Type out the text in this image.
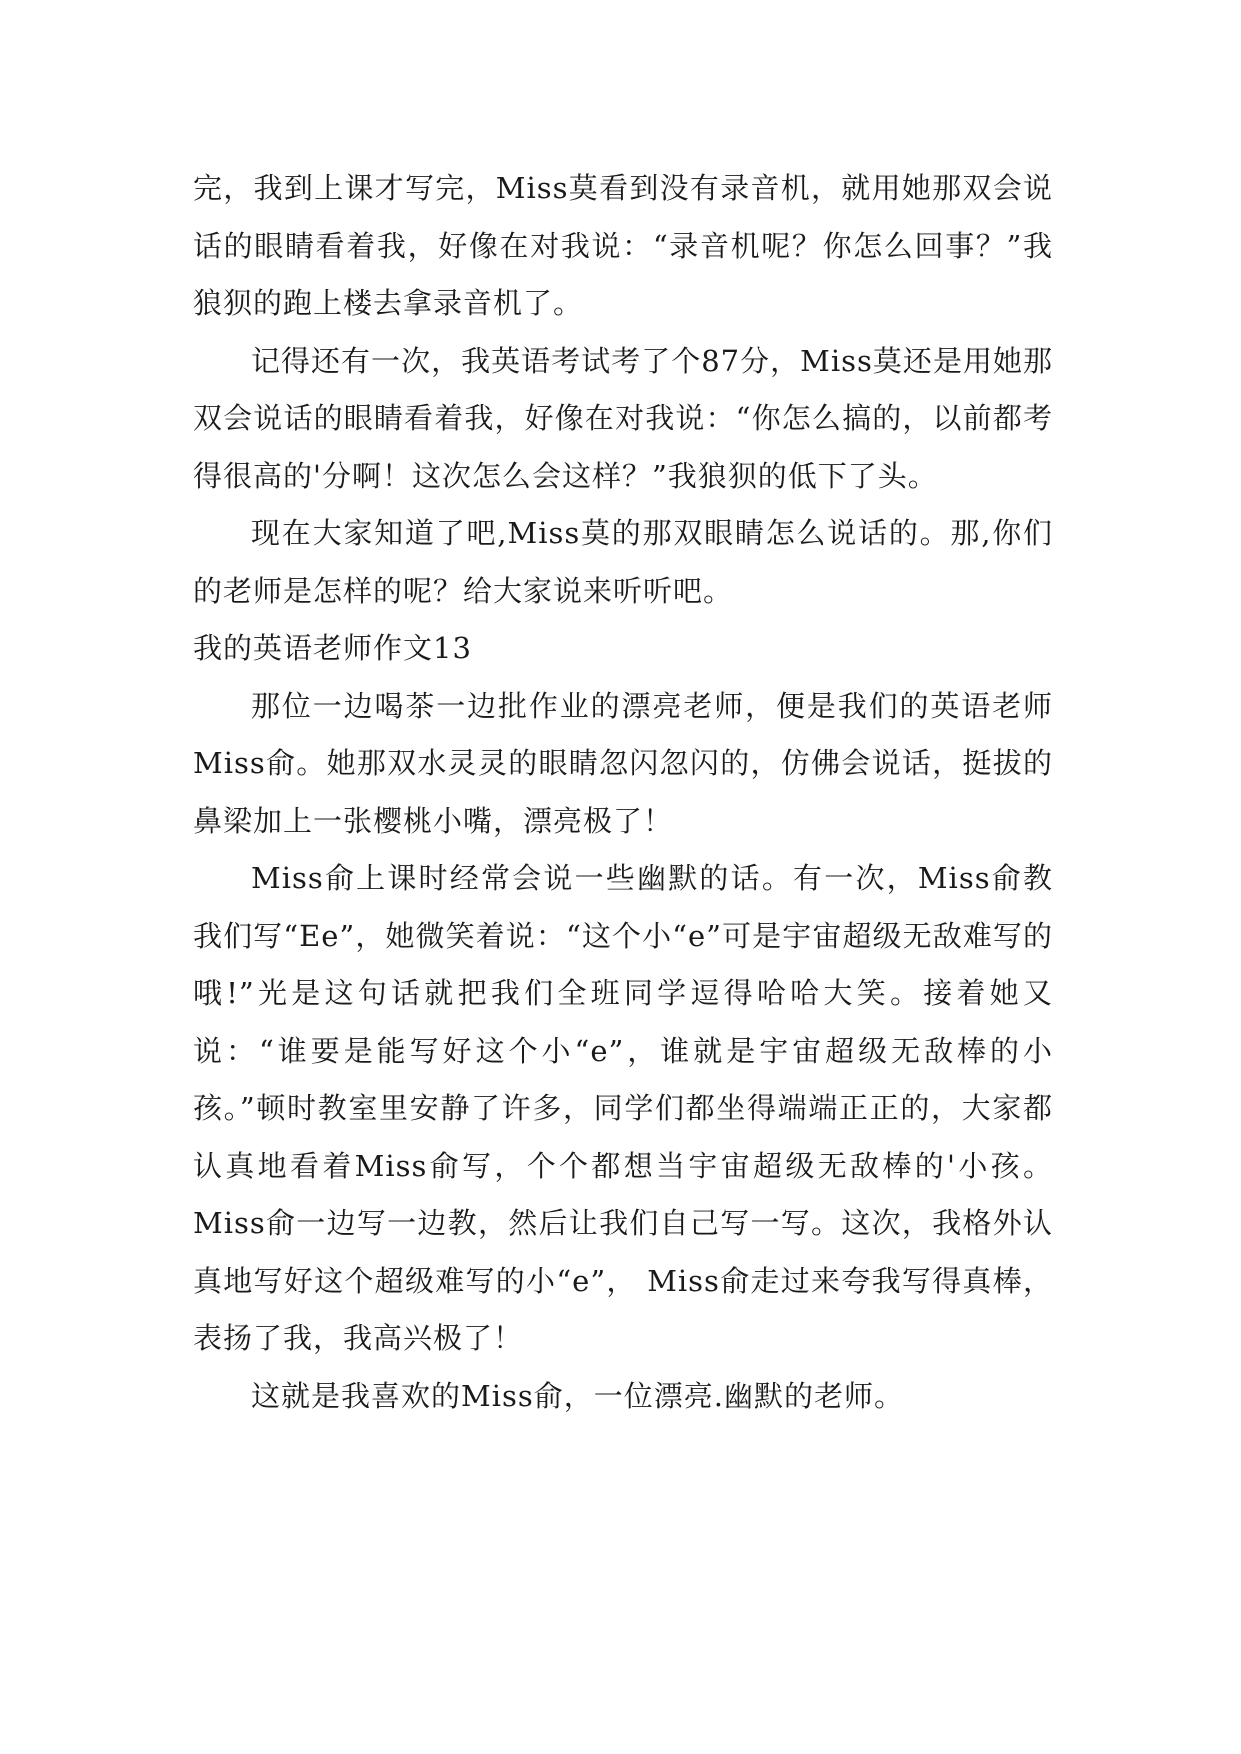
完，我到上课才写完，Miss莫看到没有录音机，就用她那双会说话的眼睛看着我，好像在对我说：“录音机呢？你怎么回事？”我狼狈的跑上楼去拿录音机了。

记得还有一次，我英语考试考了个87分，Miss莫还是用她那双会说话的眼睛看着我，好像在对我说：“你怎么搞的，以前都考得很高的'分啊！这次怎么会这样？”我狼狈的低下了头。

现在大家知道了吧,Miss莫的那双眼睛怎么说话的。那,你们的老师是怎样的呢？给大家说来听听吧。

我的英语老师作文13

那位一边喝茶一边批作业的漂亮老师，便是我们的英语老师Miss俞。她那双水灵灵的眼睛忽闪忽闪的，仿佛会说话，挺拔的鼻梁加上一张樱桃小嘴，漂亮极了！

Miss俞上课时经常会说一些幽默的话。有一次，Miss俞教我们写“Ee”，她微笑着说：“这个小“e”可是宇宙超级无敌难写的哦!”光是这句话就把我们全班同学逗得哈哈大笑。接着她又说：“谁要是能写好这个小“e”，谁就是宇宙超级无敌棒的小孩。”顿时教室里安静了许多，同学们都坐得端端正正的，大家都认真地看着Miss俞写，个个都想当宇宙超级无敌棒的'小孩。Miss俞一边写一边教，然后让我们自己写一写。这次，我格外认真地写好这个超级难写的小“e”， Miss俞走过来夸我写得真棒，表扬了我，我高兴极了！

这就是我喜欢的Miss俞，一位漂亮.幽默的老师。
